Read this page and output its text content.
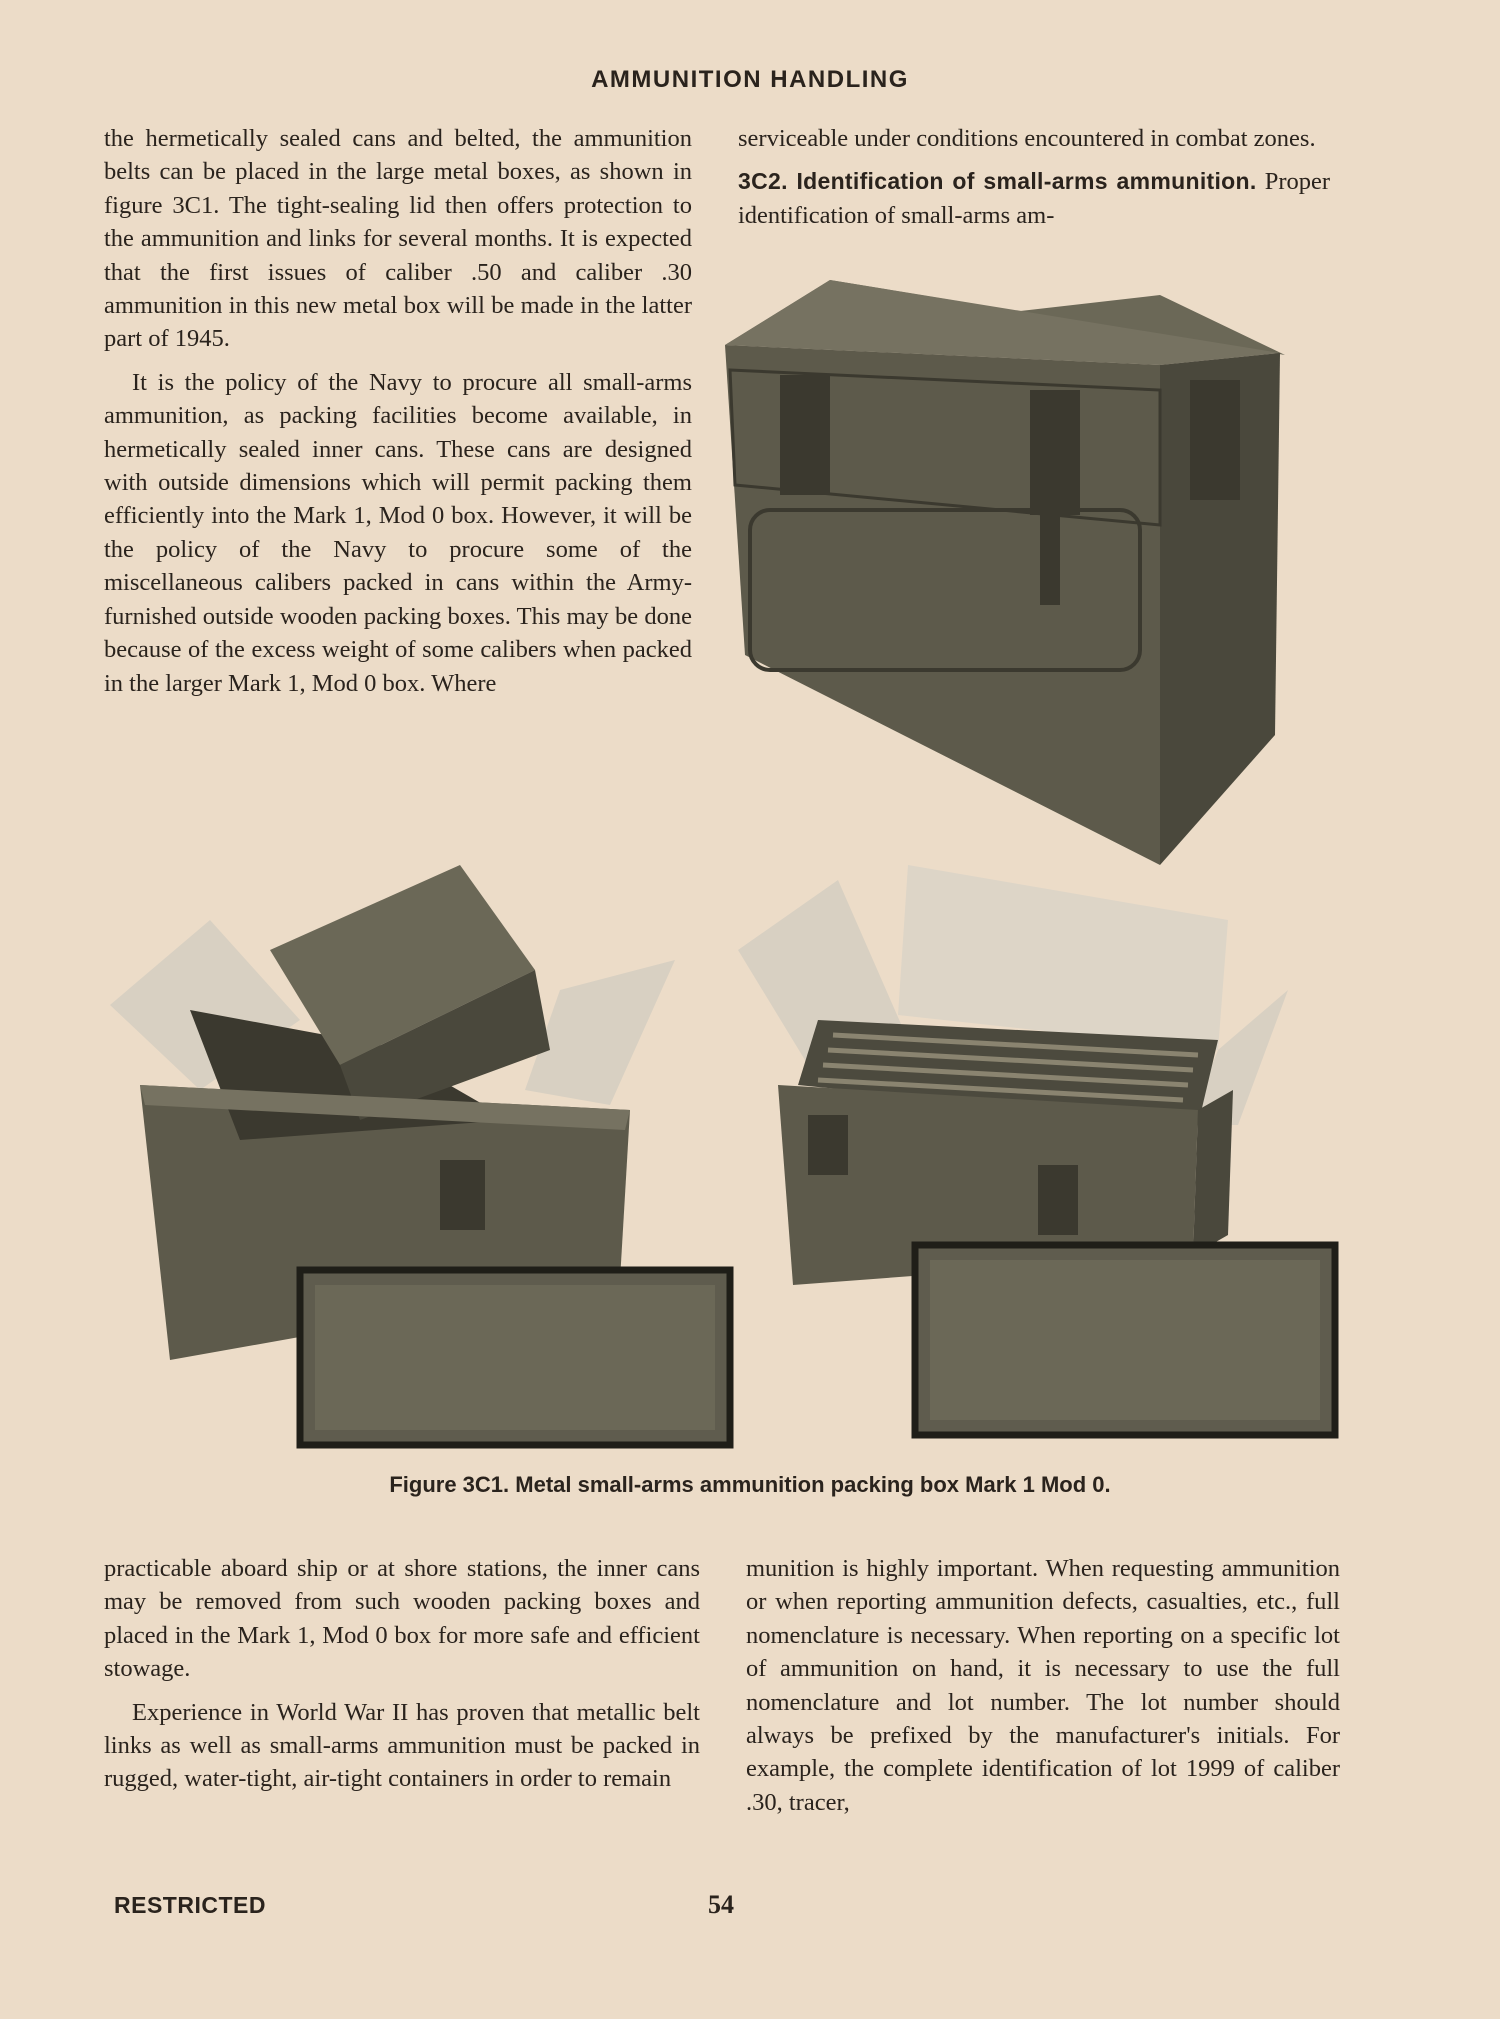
AMMUNITION HANDLING

the hermetically sealed cans and belted, the ammunition belts can be placed in the large metal boxes, as shown in figure 3C1. The tight-sealing lid then offers protection to the ammunition and links for several months. It is expected that the first issues of caliber .50 and caliber .30 ammunition in this new metal box will be made in the latter part of 1945.

It is the policy of the Navy to procure all small-arms ammunition, as packing facilities become available, in hermetically sealed inner cans. These cans are designed with outside dimensions which will permit packing them efficiently into the Mark 1, Mod 0 box. However, it will be the policy of the Navy to procure some of the miscellaneous calibers packed in cans within the Army-furnished outside wooden packing boxes. This may be done because of the excess weight of some calibers when packed in the larger Mark 1, Mod 0 box. Where

serviceable under conditions encountered in combat zones.

3C2. Identification of small-arms ammunition. Proper identification of small-arms am-

Figure 3C1. Metal small-arms ammunition packing box Mark 1 Mod 0.

practicable aboard ship or at shore stations, the inner cans may be removed from such wooden packing boxes and placed in the Mark 1, Mod 0 box for more safe and efficient stowage.

Experience in World War II has proven that metallic belt links as well as small-arms ammunition must be packed in rugged, water-tight, air-tight containers in order to remain

munition is highly important. When requesting ammunition or when reporting ammunition defects, casualties, etc., full nomenclature is necessary. When reporting on a specific lot of ammunition on hand, it is necessary to use the full nomenclature and lot number. The lot number should always be prefixed by the manufacturer's initials. For example, the complete identification of lot 1999 of caliber .30, tracer,

RESTRICTED	54
